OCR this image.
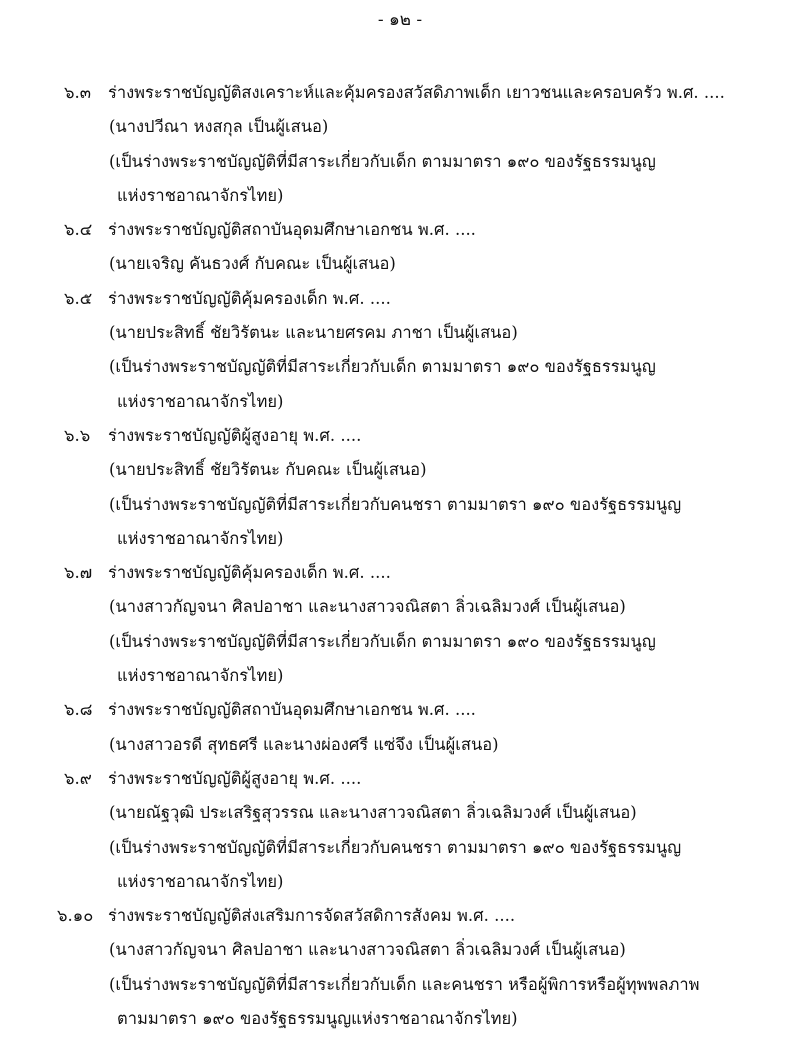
- ๑๒ -
๖.๓ ร่างพระราชบัญญัติสงเคราะห์และคุ้มครองสวัสดิภาพเด็ก เยาวชนและครอบครัว พ.ศ. ....
(นางปวีณา หงสกุล เป็นผู้เสนอ)
(เป็นร่างพระราชบัญญัติที่มีสาระเกี่ยวกับเด็ก ตามมาตรา ๑๙๐ ของรัฐธรรมนูญ
แห่งราชอาณาจักรไทย)
๖.๔ ร่างพระราชบัญญัติสถาบันอุดมศึกษาเอกชน พ.ศ. ....
(นายเจริญ คันธวงศ์ กับคณะ เป็นผู้เสนอ)
๖.๕ ร่างพระราชบัญญัติคุ้มครองเด็ก พ.ศ. ....
(นายประสิทธิ์ ชัยวิรัตนะ และนายศรคม ภาชา เป็นผู้เสนอ)
(เป็นร่างพระราชบัญญัติที่มีสาระเกี่ยวกับเด็ก ตามมาตรา ๑๙๐ ของรัฐธรรมนูญ
แห่งราชอาณาจักรไทย)
๖.๖ ร่างพระราชบัญญัติผู้สูงอายุ พ.ศ. ....
(นายประสิทธิ์ ชัยวิรัตนะ กับคณะ เป็นผู้เสนอ)
(เป็นร่างพระราชบัญญัติที่มีสาระเกี่ยวกับคนชรา ตามมาตรา ๑๙๐ ของรัฐธรรมนูญ
แห่งราชอาณาจักรไทย)
๖.๗ ร่างพระราชบัญญัติคุ้มครองเด็ก พ.ศ. ....
(นางสาวกัญจนา ศิลปอาชา และนางสาวจณิสตา ลิ่วเฉลิมวงศ์ เป็นผู้เสนอ)
(เป็นร่างพระราชบัญญัติที่มีสาระเกี่ยวกับเด็ก ตามมาตรา ๑๙๐ ของรัฐธรรมนูญ
แห่งราชอาณาจักรไทย)
๖.๘ ร่างพระราชบัญญัติสถาบันอุดมศึกษาเอกชน พ.ศ. ....
(นางสาวอรดี สุทธศรี และนางผ่องศรี แซ่จึง เป็นผู้เสนอ)
๖.๙ ร่างพระราชบัญญัติผู้สูงอายุ พ.ศ. ....
(นายณัฐวุฒิ ประเสริฐสุวรรณ และนางสาวจณิสตา ลิ่วเฉลิมวงศ์ เป็นผู้เสนอ)
(เป็นร่างพระราชบัญญัติที่มีสาระเกี่ยวกับคนชรา ตามมาตรา ๑๙๐ ของรัฐธรรมนูญ
แห่งราชอาณาจักรไทย)
๖.๑๐ ร่างพระราชบัญญัติส่งเสริมการจัดสวัสดิการสังคม พ.ศ. ....
(นางสาวกัญจนา ศิลปอาชา และนางสาวจณิสตา ลิ่วเฉลิมวงศ์ เป็นผู้เสนอ)
(เป็นร่างพระราชบัญญัติที่มีสาระเกี่ยวกับเด็ก และคนชรา หรือผู้พิการหรือผู้ทุพพลภาพ
ตามมาตรา ๑๙๐ ของรัฐธรรมนูญแห่งราชอาณาจักรไทย)
